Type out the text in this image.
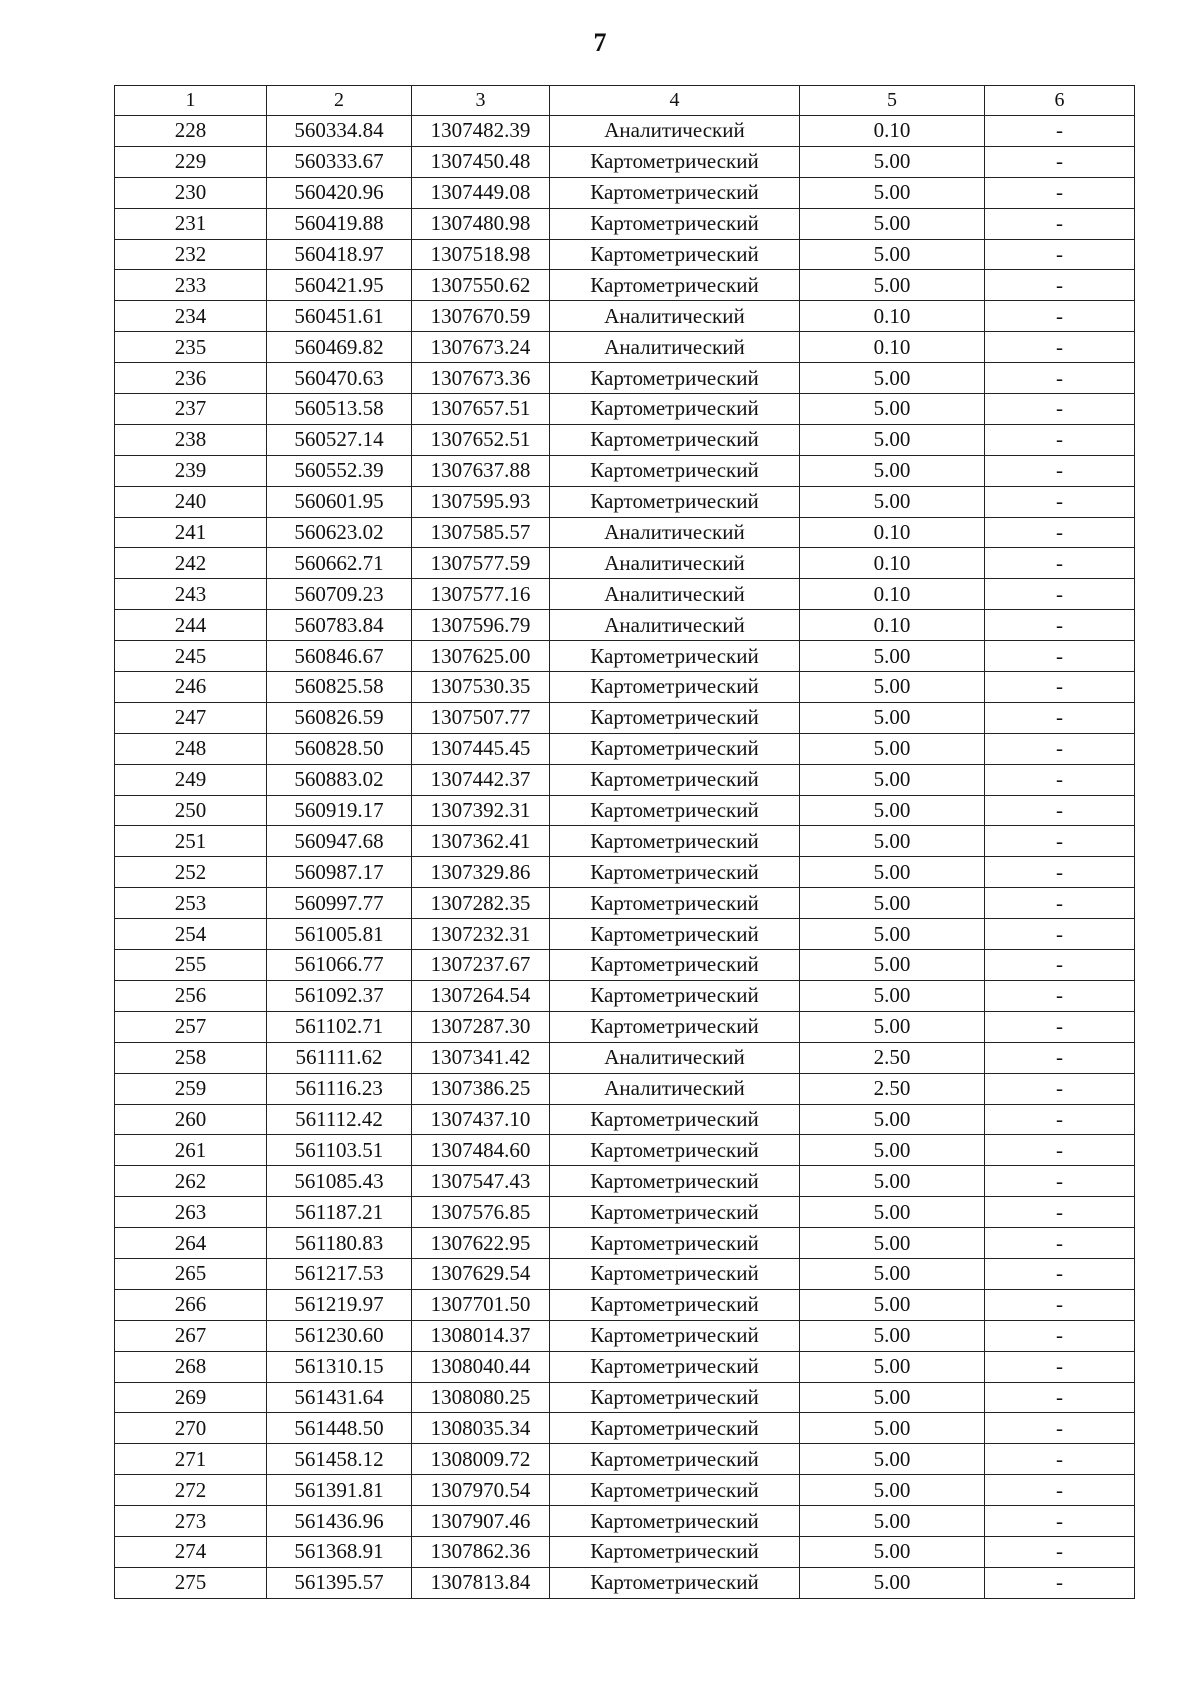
7
1	2	3	4	5	6
228	560334.84	1307482.39	Аналитический	0.10	-
229	560333.67	1307450.48	Картометрический	5.00	-
230	560420.96	1307449.08	Картометрический	5.00	-
231	560419.88	1307480.98	Картометрический	5.00	-
232	560418.97	1307518.98	Картометрический	5.00	-
233	560421.95	1307550.62	Картометрический	5.00	-
234	560451.61	1307670.59	Аналитический	0.10	-
235	560469.82	1307673.24	Аналитический	0.10	-
236	560470.63	1307673.36	Картометрический	5.00	-
237	560513.58	1307657.51	Картометрический	5.00	-
238	560527.14	1307652.51	Картометрический	5.00	-
239	560552.39	1307637.88	Картометрический	5.00	-
240	560601.95	1307595.93	Картометрический	5.00	-
241	560623.02	1307585.57	Аналитический	0.10	-
242	560662.71	1307577.59	Аналитический	0.10	-
243	560709.23	1307577.16	Аналитический	0.10	-
244	560783.84	1307596.79	Аналитический	0.10	-
245	560846.67	1307625.00	Картометрический	5.00	-
246	560825.58	1307530.35	Картометрический	5.00	-
247	560826.59	1307507.77	Картометрический	5.00	-
248	560828.50	1307445.45	Картометрический	5.00	-
249	560883.02	1307442.37	Картометрический	5.00	-
250	560919.17	1307392.31	Картометрический	5.00	-
251	560947.68	1307362.41	Картометрический	5.00	-
252	560987.17	1307329.86	Картометрический	5.00	-
253	560997.77	1307282.35	Картометрический	5.00	-
254	561005.81	1307232.31	Картометрический	5.00	-
255	561066.77	1307237.67	Картометрический	5.00	-
256	561092.37	1307264.54	Картометрический	5.00	-
257	561102.71	1307287.30	Картометрический	5.00	-
258	561111.62	1307341.42	Аналитический	2.50	-
259	561116.23	1307386.25	Аналитический	2.50	-
260	561112.42	1307437.10	Картометрический	5.00	-
261	561103.51	1307484.60	Картометрический	5.00	-
262	561085.43	1307547.43	Картометрический	5.00	-
263	561187.21	1307576.85	Картометрический	5.00	-
264	561180.83	1307622.95	Картометрический	5.00	-
265	561217.53	1307629.54	Картометрический	5.00	-
266	561219.97	1307701.50	Картометрический	5.00	-
267	561230.60	1308014.37	Картометрический	5.00	-
268	561310.15	1308040.44	Картометрический	5.00	-
269	561431.64	1308080.25	Картометрический	5.00	-
270	561448.50	1308035.34	Картометрический	5.00	-
271	561458.12	1308009.72	Картометрический	5.00	-
272	561391.81	1307970.54	Картометрический	5.00	-
273	561436.96	1307907.46	Картометрический	5.00	-
274	561368.91	1307862.36	Картометрический	5.00	-
275	561395.57	1307813.84	Картометрический	5.00	-
